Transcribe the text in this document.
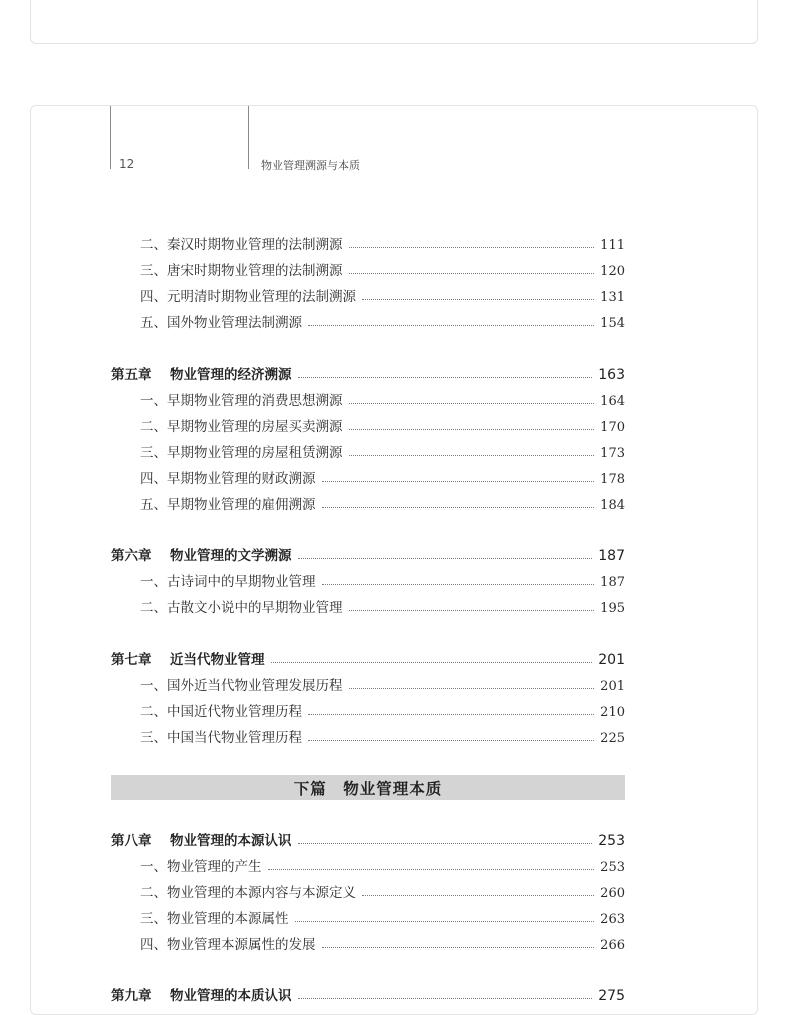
12	物业管理溯源与本质
二、秦汉时期物业管理的法制溯源	111
三、唐宋时期物业管理的法制溯源	120
四、元明清时期物业管理的法制溯源	131
五、国外物业管理法制溯源	154
第五章	物业管理的经济溯源	163
一、早期物业管理的消费思想溯源	164
二、早期物业管理的房屋买卖溯源	170
三、早期物业管理的房屋租赁溯源	173
四、早期物业管理的财政溯源	178
五、早期物业管理的雇佣溯源	184
第六章	物业管理的文学溯源	187
一、古诗词中的早期物业管理	187
二、古散文小说中的早期物业管理	195
第七章	近当代物业管理	201
一、国外近当代物业管理发展历程	201
二、中国近代物业管理历程	210
三、中国当代物业管理历程	225
下篇　物业管理本质
第八章	物业管理的本源认识	253
一、物业管理的产生	253
二、物业管理的本源内容与本源定义	260
三、物业管理的本源属性	263
四、物业管理本源属性的发展	266
第九章	物业管理的本质认识	275
